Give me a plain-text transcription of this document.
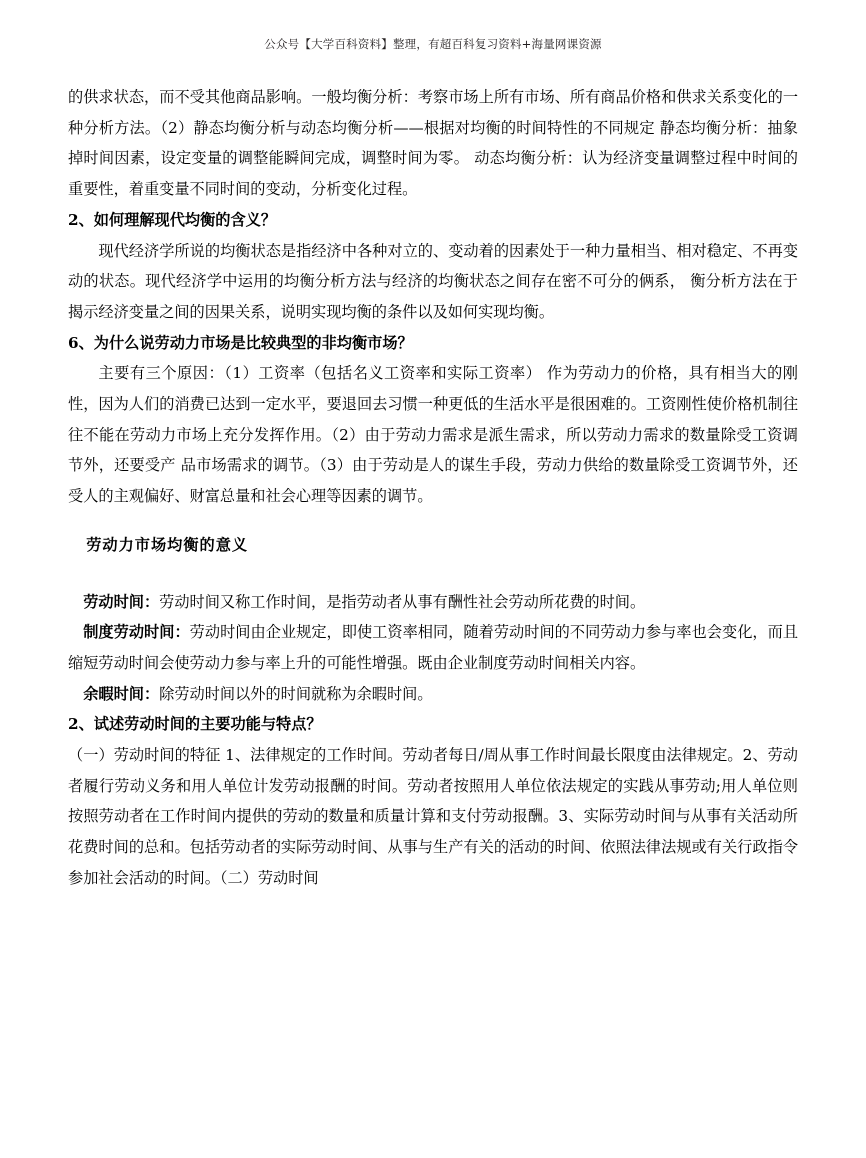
公众号【大学百科资料】整理，有超百科复习资料+海量网课资源

的供求状态，而不受其他商品影响。一般均衡分析：考察市场上所有市场、所有商品价格和供求关系变化的一种分析方法。（2）静态均衡分析与动态均衡分析——根据对均衡的时间特性的不同规定 静态均衡分析：抽象掉时间因素，设定变量的调整能瞬间完成，调整时间为零。 动态均衡分析：认为经济变量调整过程中时间的重要性，着重变量不同时间的变动，分析变化过程。

2、如何理解现代均衡的含义？

现代经济学所说的均衡状态是指经济中各种对立的、变动着的因素处于一种力量相当、相对稳定、不再变动的状态。现代经济学中运用的均衡分析方法与经济的均衡状态之间存在密不可分的俩系， 衡分析方法在于揭示经济变量之间的因果关系，说明实现均衡的条件以及如何实现均衡。

6、为什么说劳动力市场是比较典型的非均衡市场？

主要有三个原因：（1）工资率（包括名义工资率和实际工资率） 作为劳动力的价格，具有相当大的刚性，因为人们的消费已达到一定水平，要退回去习惯一种更低的生活水平是很困难的。工资刚性使价格机制往往不能在劳动力市场上充分发挥作用。（2）由于劳动力需求是派生需求，所以劳动力需求的数量除受工资调节外，还要受产 品市场需求的调节。（3）由于劳动是人的谋生手段，劳动力供给的数量除受工资调节外，还受人的主观偏好、财富总量和社会心理等因素的调节。

劳动力市场均衡的意义

劳动时间：劳动时间又称工作时间，是指劳动者从事有酬性社会劳动所花费的时间。

制度劳动时间：劳动时间由企业规定，即使工资率相同，随着劳动时间的不同劳动力参与率也会变化，而且缩短劳动时间会使劳动力参与率上升的可能性增强。既由企业制度劳动时间相关内容。

余暇时间：除劳动时间以外的时间就称为余暇时间。

2、试述劳动时间的主要功能与特点？

（一）劳动时间的特征 1、法律规定的工作时间。劳动者每日/周从事工作时间最长限度由法律规定。2、劳动者履行劳动义务和用人单位计发劳动报酬的时间。劳动者按照用人单位依法规定的实践从事劳动;用人单位则按照劳动者在工作时间内提供的劳动的数量和质量计算和支付劳动报酬。3、实际劳动时间与从事有关活动所花费时间的总和。包括劳动者的实际劳动时间、从事与生产有关的活动的时间、依照法律法规或有关行政指令参加社会活动的时间。（二）劳动时间
